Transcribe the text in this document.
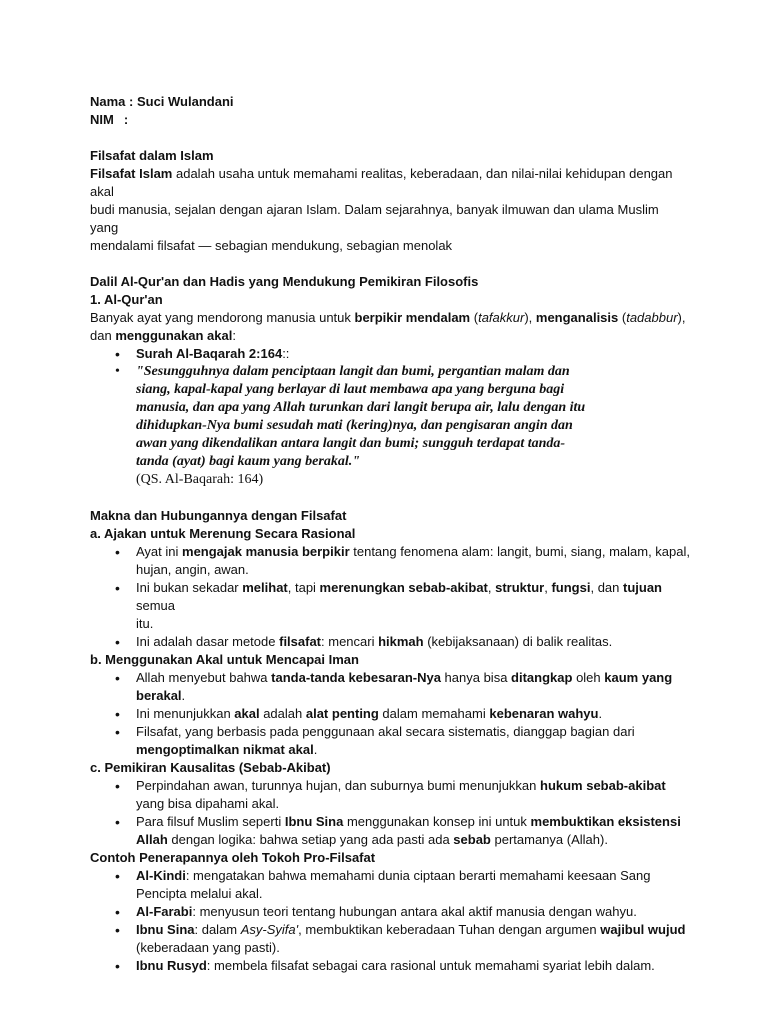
Nama : Suci Wulandani

NIM :

Filsafat dalam Islam

Filsafat Islam adalah usaha untuk memahami realitas, keberadaan, dan nilai-nilai kehidupan dengan akal

budi manusia, sejalan dengan ajaran Islam. Dalam sejarahnya, banyak ilmuwan dan ulama Muslim yang

mendalami filsafat — sebagian mendukung, sebagian menolak

Dalil Al-Qur'an dan Hadis yang Mendukung Pemikiran Filosofis

1. Al-Qur'an

Banyak ayat yang mendorong manusia untuk berpikir mendalam (tafakkur), menganalisis (tadabbur),

dan menggunakan akal:

• Surah Al-Baqarah 2:164::
• "Sesungguhnya dalam penciptaan langit dan bumi, pergantian malam dan
siang, kapal-kapal yang berlayar di laut membawa apa yang berguna bagi
manusia, dan apa yang Allah turunkan dari langit berupa air, lalu dengan itu
dihidupkan-Nya bumi sesudah mati (kering)nya, dan pengisaran angin dan
awan yang dikendalikan antara langit dan bumi; sungguh terdapat tanda-
tanda (ayat) bagi kaum yang berakal."
(QS. Al-Baqarah: 164)

Makna dan Hubungannya dengan Filsafat

a. Ajakan untuk Merenung Secara Rasional

• Ayat ini mengajak manusia berpikir tentang fenomena alam: langit, bumi, siang, malam, kapal,
hujan, angin, awan.
• Ini bukan sekadar melihat, tapi merenungkan sebab-akibat, struktur, fungsi, dan tujuan semua
itu.
• Ini adalah dasar metode filsafat: mencari hikmah (kebijaksanaan) di balik realitas.

b. Menggunakan Akal untuk Mencapai Iman

• Allah menyebut bahwa tanda-tanda kebesaran-Nya hanya bisa ditangkap oleh kaum yang
berakal.
• Ini menunjukkan akal adalah alat penting dalam memahami kebenaran wahyu.
• Filsafat, yang berbasis pada penggunaan akal secara sistematis, dianggap bagian dari
mengoptimalkan nikmat akal.

c. Pemikiran Kausalitas (Sebab-Akibat)

• Perpindahan awan, turunnya hujan, dan suburnya bumi menunjukkan hukum sebab-akibat
yang bisa dipahami akal.
• Para filsuf Muslim seperti Ibnu Sina menggunakan konsep ini untuk membuktikan eksistensi
Allah dengan logika: bahwa setiap yang ada pasti ada sebab pertamanya (Allah).

Contoh Penerapannya oleh Tokoh Pro-Filsafat

• Al-Kindi: mengatakan bahwa memahami dunia ciptaan berarti memahami keesaan Sang
Pencipta melalui akal.
• Al-Farabi: menyusun teori tentang hubungan antara akal aktif manusia dengan wahyu.
• Ibnu Sina: dalam Asy-Syifa', membuktikan keberadaan Tuhan dengan argumen wajibul wujud
(keberadaan yang pasti).
• Ibnu Rusyd: membela filsafat sebagai cara rasional untuk memahami syariat lebih dalam.
